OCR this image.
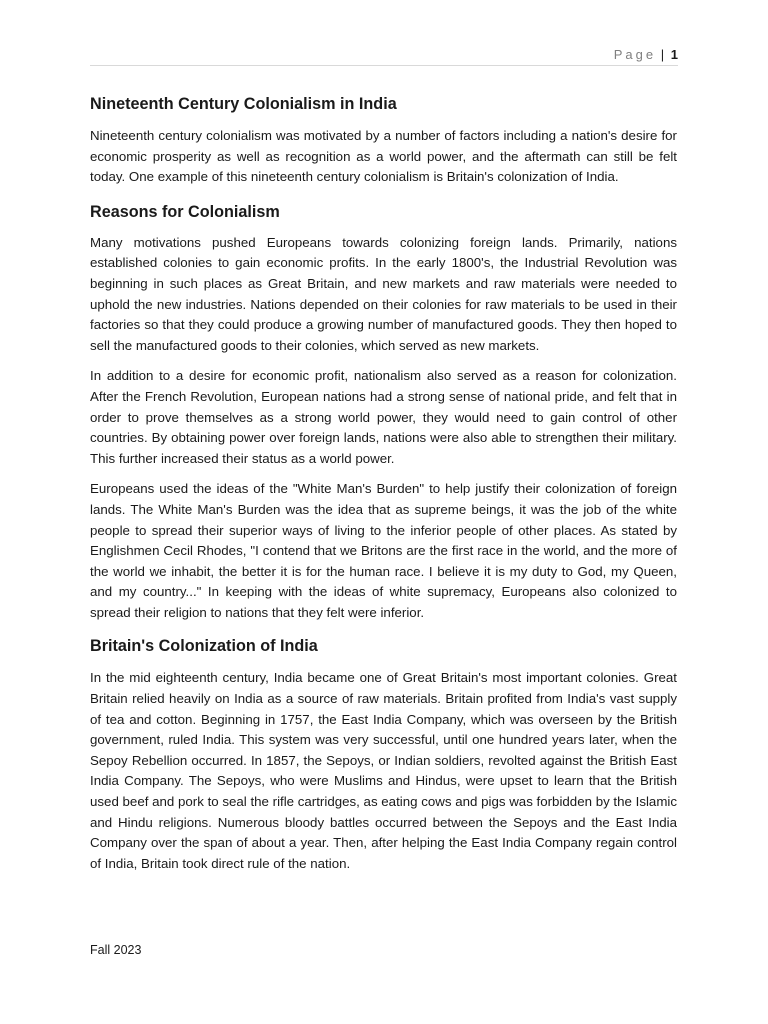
Page | 1
Nineteenth Century Colonialism in India

Nineteenth century colonialism was motivated by a number of factors including a nation's desire for economic prosperity as well as recognition as a world power, and the aftermath can still be felt today. One example of this nineteenth century colonialism is Britain's colonization of India.

Reasons for Colonialism

Many motivations pushed Europeans towards colonizing foreign lands. Primarily, nations established colonies to gain economic profits. In the early 1800's, the Industrial Revolution was beginning in such places as Great Britain, and new markets and raw materials were needed to uphold the new industries. Nations depended on their colonies for raw materials to be used in their factories so that they could produce a growing number of manufactured goods. They then hoped to sell the manufactured goods to their colonies, which served as new markets.

In addition to a desire for economic profit, nationalism also served as a reason for colonization. After the French Revolution, European nations had a strong sense of national pride, and felt that in order to prove themselves as a strong world power, they would need to gain control of other countries. By obtaining power over foreign lands, nations were also able to strengthen their military. This further increased their status as a world power.

Europeans used the ideas of the "White Man's Burden" to help justify their colonization of foreign lands. The White Man's Burden was the idea that as supreme beings, it was the job of the white people to spread their superior ways of living to the inferior people of other places. As stated by Englishmen Cecil Rhodes, "I contend that we Britons are the first race in the world, and the more of the world we inhabit, the better it is for the human race. I believe it is my duty to God, my Queen, and my country..." In keeping with the ideas of white supremacy, Europeans also colonized to spread their religion to nations that they felt were inferior.

Britain's Colonization of India

In the mid eighteenth century, India became one of Great Britain's most important colonies. Great Britain relied heavily on India as a source of raw materials. Britain profited from India's vast supply of tea and cotton. Beginning in 1757, the East India Company, which was overseen by the British government, ruled India. This system was very successful, until one hundred years later, when the Sepoy Rebellion occurred. In 1857, the Sepoys, or Indian soldiers, revolted against the British East India Company. The Sepoys, who were Muslims and Hindus, were upset to learn that the British used beef and pork to seal the rifle cartridges, as eating cows and pigs was forbidden by the Islamic and Hindu religions. Numerous bloody battles occurred between the Sepoys and the East India Company over the span of about a year. Then, after helping the East India Company regain control of India, Britain took direct rule of the nation.

Fall 2023
